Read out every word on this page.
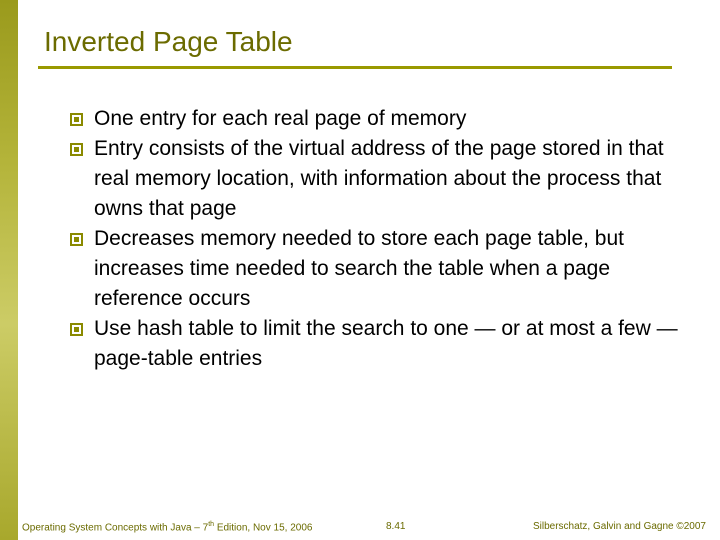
Inverted Page Table
One entry for each real page of memory
Entry consists of the virtual address of the page stored in that real memory location, with information about the process that owns that page
Decreases memory needed to store each page table, but increases time needed to search the table when a page reference occurs
Use hash table to limit the search to one — or at most a few — page-table entries
Operating System Concepts with Java – 7th Edition, Nov 15, 2006	8.41	Silberschatz, Galvin and Gagne ©2007
